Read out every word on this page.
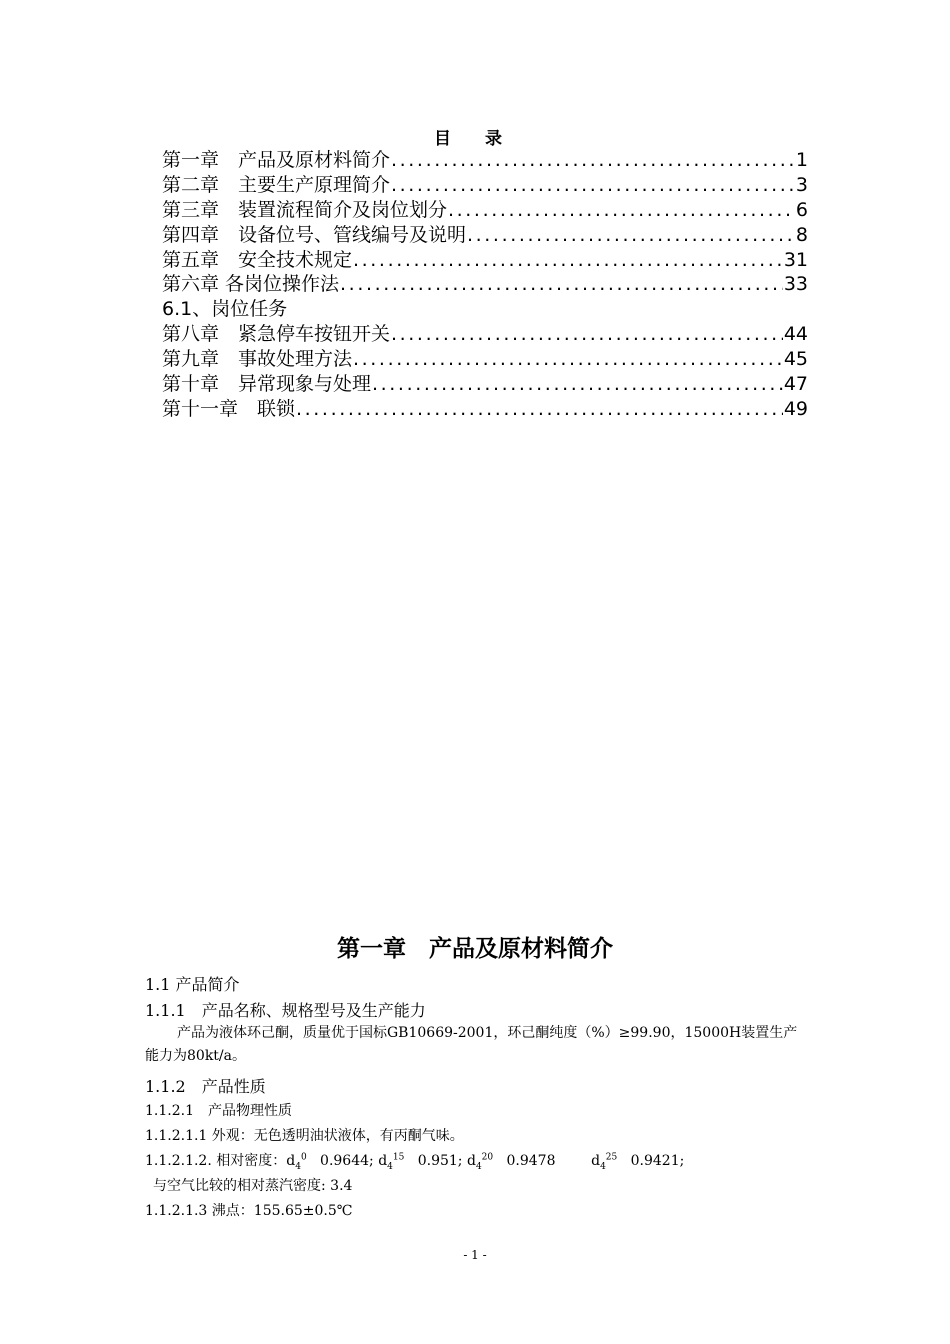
目 录
第一章　产品及原材料简介 .....	1
第二章　主要生产原理简介 .....	3
第三章　装置流程简介及岗位划分 .....	6
第四章　设备位号、管线编号及说明 .....	8
第五章　安全技术规定 .....	31
第六章 各岗位操作法 .....	33
6.1、岗位任务
第八章　紧急停车按钮开关 .....	44
第九章　事故处理方法 .....	45
第十章　异常现象与处理 .....	47
第十一章　联锁 .....	49
第一章　产品及原材料简介
1.1 产品简介
1.1.1　产品名称、规格型号及生产能力
产品为液体环己酮，质量优于国标GB10669-2001，环己酮纯度（%）≥99.90，15000H装置生产能力为80kt/a。
1.1.2　产品性质
1.1.2.1　产品物理性质
1.1.2.1.1 外观：无色透明油状液体，有丙酮气味。
1.1.2.1.2. 相对密度：$d_4^0$ 0.9644; $d_4^{15}$ 0.951; $d_4^{20}$ 0.9478	$d_4^{25}$ 0.9421;
与空气比较的相对蒸汽密度: 3.4
1.1.2.1.3 沸点：155.65±0.5℃
- 1 -
